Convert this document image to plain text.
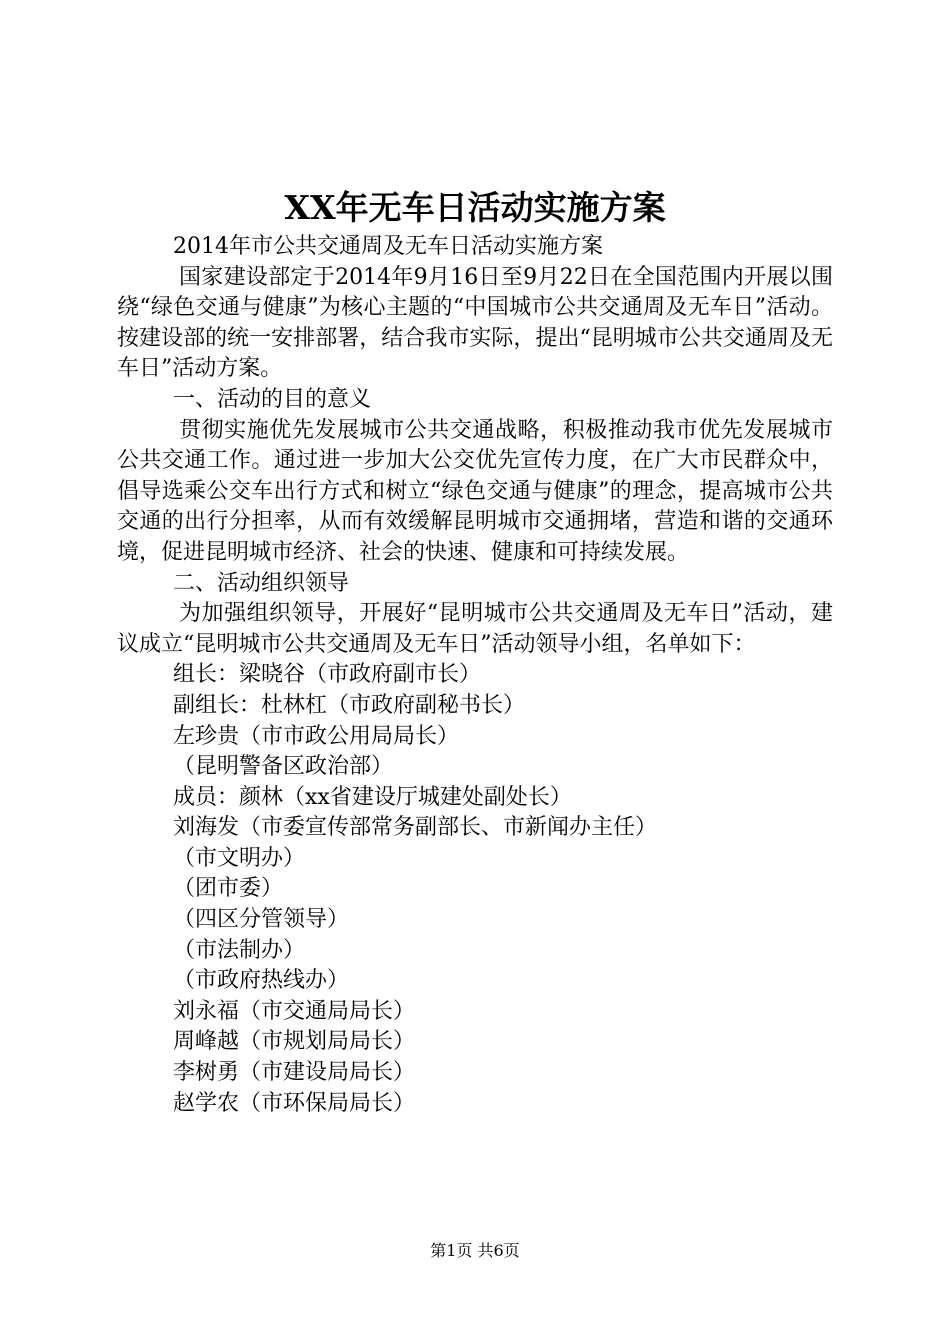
XX年无车日活动实施方案

2014年市公共交通周及无车日活动实施方案

国家建设部定于2014年9月16日至9月22日在全国范围内开展以围绕“绿色交通与健康”为核心主题的“中国城市公共交通周及无车日”活动。按建设部的统一安排部署，结合我市实际，提出“昆明城市公共交通周及无车日”活动方案。

一、活动的目的意义

贯彻实施优先发展城市公共交通战略，积极推动我市优先发展城市公共交通工作。通过进一步加大公交优先宣传力度，在广大市民群众中，倡导选乘公交车出行方式和树立“绿色交通与健康”的理念，提高城市公共交通的出行分担率，从而有效缓解昆明城市交通拥堵，营造和谐的交通环境，促进昆明城市经济、社会的快速、健康和可持续发展。

二、活动组织领导

为加强组织领导，开展好“昆明城市公共交通周及无车日”活动，建议成立“昆明城市公共交通周及无车日”活动领导小组，名单如下：

组长：梁晓谷（市政府副市长）

副组长：杜林杠（市政府副秘书长）

左珍贵（市市政公用局局长）

（昆明警备区政治部）

成员：颜林（xx省建设厅城建处副处长）

刘海发（市委宣传部常务副部长、市新闻办主任）

（市文明办）

（团市委）

（四区分管领导）

（市法制办）

（市政府热线办）

刘永福（市交通局局长）

周峰越（市规划局局长）

李树勇（市建设局局长）

赵学农（市环保局局长）

第1页 共6页
